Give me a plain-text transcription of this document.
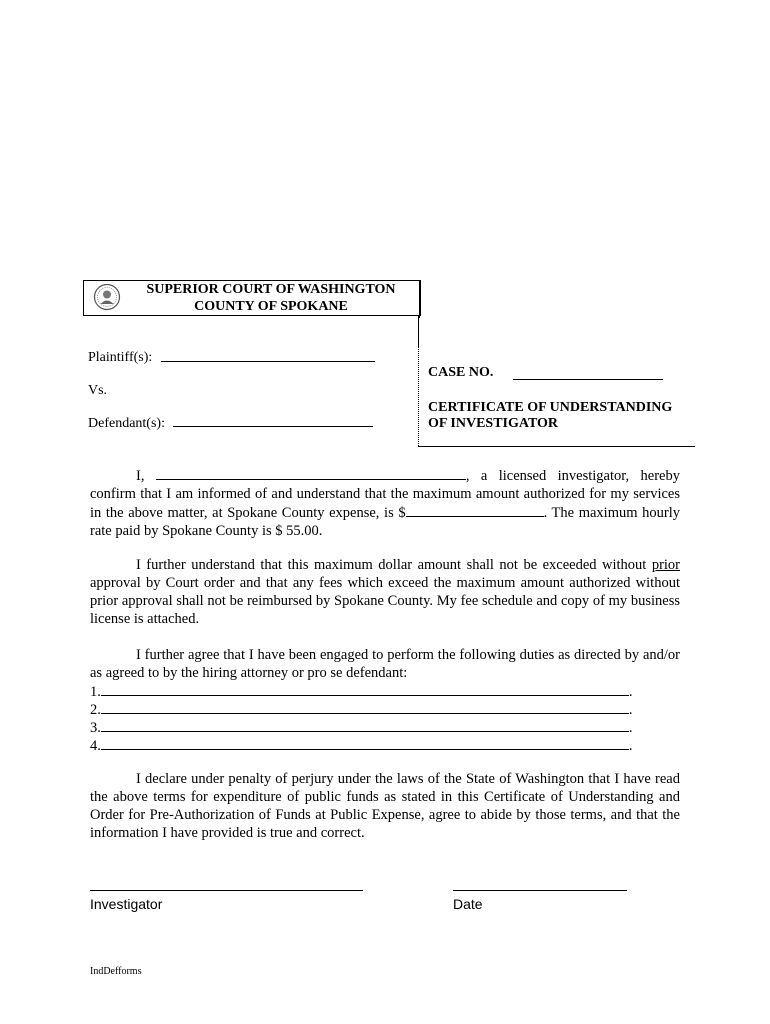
SUPERIOR COURT OF WASHINGTON
COUNTY OF SPOKANE
Plaintiff(s):
Vs.
Defendant(s):
CASE NO.
CERTIFICATE OF UNDERSTANDING
OF INVESTIGATOR
I,	, a licensed investigator, hereby confirm that I am informed of and understand that the maximum amount authorized for my services in the above matter, at Spokane County expense, is $	. The maximum hourly rate paid by Spokane County is $ 55.00.
I further understand that this maximum dollar amount shall not be exceeded without prior approval by Court order and that any fees which exceed the maximum amount authorized without prior approval shall not be reimbursed by Spokane County. My fee schedule and copy of my business license is attached.
I further agree that I have been engaged to perform the following duties as directed by and/or as agreed to by the hiring attorney or pro se defendant:
1.	.
2.	.
3.	.
4.	.
I declare under penalty of perjury under the laws of the State of Washington that I have read the above terms for expenditure of public funds as stated in this Certificate of Understanding and Order for Pre-Authorization of Funds at Public Expense, agree to abide by those terms, and that the information I have provided is true and correct.
Investigator	Date
IndDefforms
